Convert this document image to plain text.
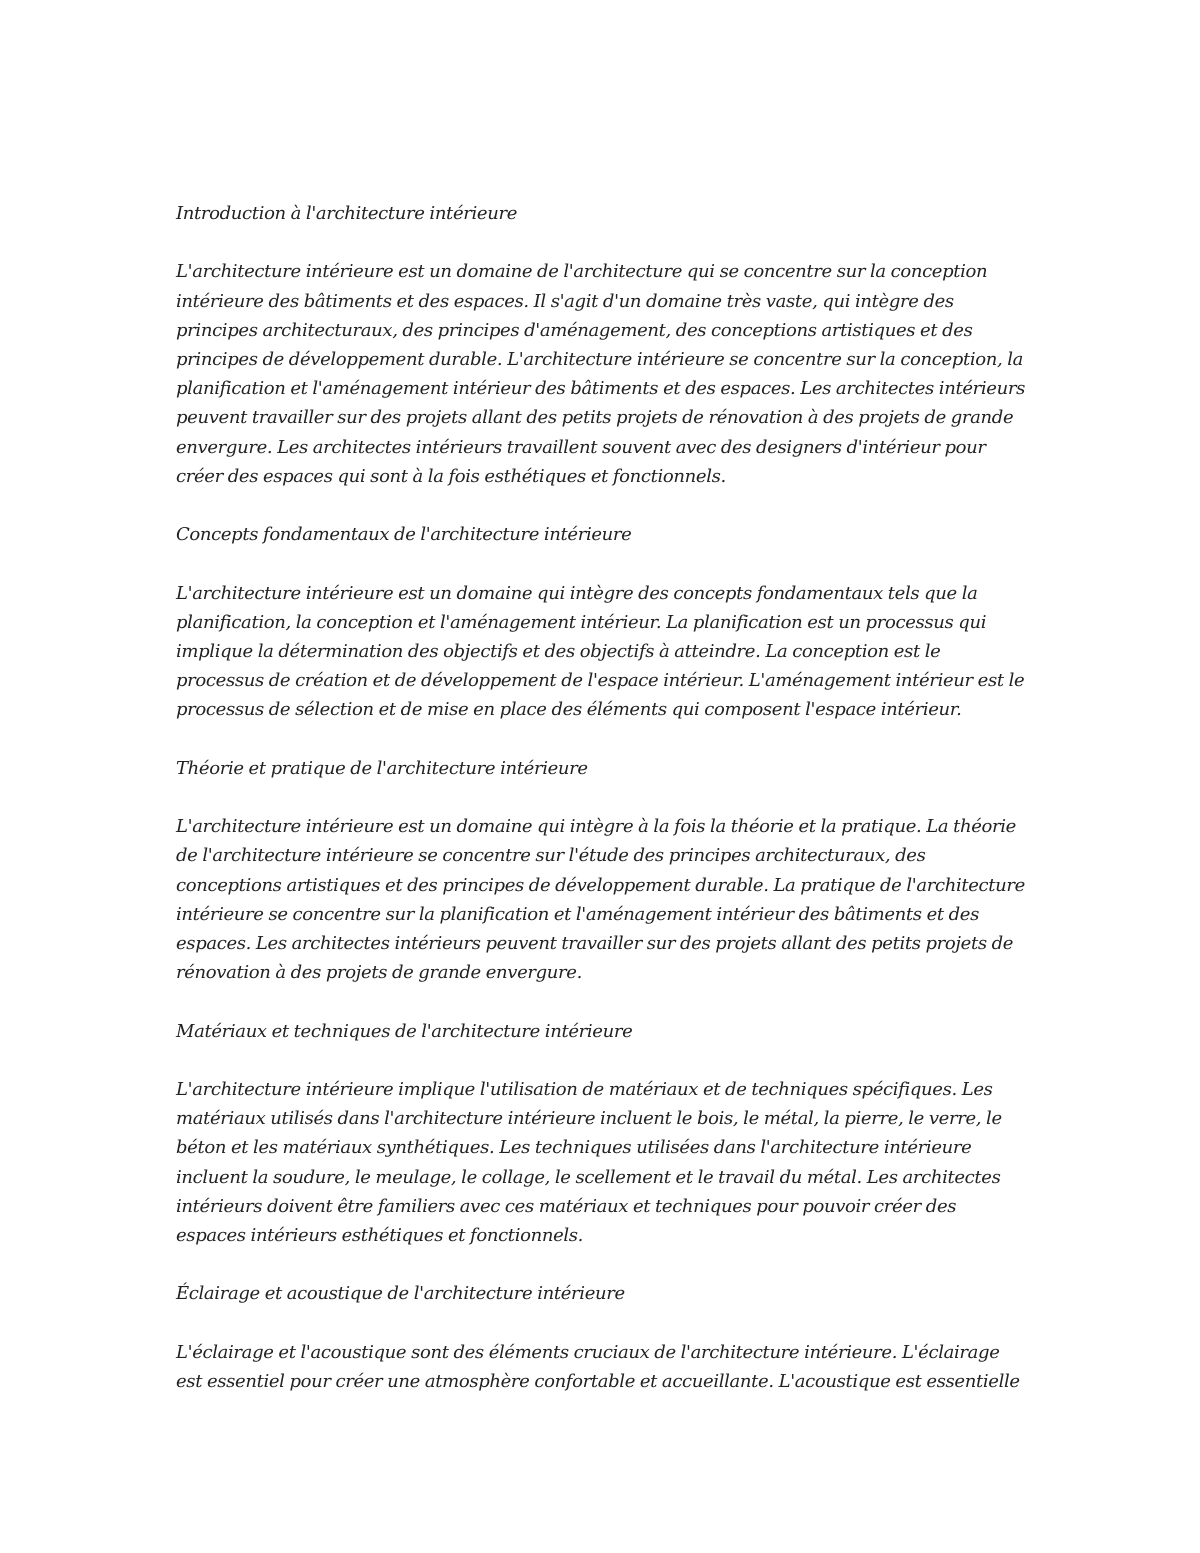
Introduction à l'architecture intérieure

L'architecture intérieure est un domaine de l'architecture qui se concentre sur la conception intérieure des bâtiments et des espaces. Il s'agit d'un domaine très vaste, qui intègre des principes architecturaux, des principes d'aménagement, des conceptions artistiques et des principes de développement durable. L'architecture intérieure se concentre sur la conception, la planification et l'aménagement intérieur des bâtiments et des espaces. Les architectes intérieurs peuvent travailler sur des projets allant des petits projets de rénovation à des projets de grande envergure. Les architectes intérieurs travaillent souvent avec des designers d'intérieur pour créer des espaces qui sont à la fois esthétiques et fonctionnels.

Concepts fondamentaux de l'architecture intérieure

L'architecture intérieure est un domaine qui intègre des concepts fondamentaux tels que la planification, la conception et l'aménagement intérieur. La planification est un processus qui implique la détermination des objectifs et des objectifs à atteindre. La conception est le processus de création et de développement de l'espace intérieur. L'aménagement intérieur est le processus de sélection et de mise en place des éléments qui composent l'espace intérieur.

Théorie et pratique de l'architecture intérieure

L'architecture intérieure est un domaine qui intègre à la fois la théorie et la pratique. La théorie de l'architecture intérieure se concentre sur l'étude des principes architecturaux, des conceptions artistiques et des principes de développement durable. La pratique de l'architecture intérieure se concentre sur la planification et l'aménagement intérieur des bâtiments et des espaces. Les architectes intérieurs peuvent travailler sur des projets allant des petits projets de rénovation à des projets de grande envergure.

Matériaux et techniques de l'architecture intérieure

L'architecture intérieure implique l'utilisation de matériaux et de techniques spécifiques. Les matériaux utilisés dans l'architecture intérieure incluent le bois, le métal, la pierre, le verre, le béton et les matériaux synthétiques. Les techniques utilisées dans l'architecture intérieure incluent la soudure, le meulage, le collage, le scellement et le travail du métal. Les architectes intérieurs doivent être familiers avec ces matériaux et techniques pour pouvoir créer des espaces intérieurs esthétiques et fonctionnels.

Éclairage et acoustique de l'architecture intérieure

L'éclairage et l'acoustique sont des éléments cruciaux de l'architecture intérieure. L'éclairage est essentiel pour créer une atmosphère confortable et accueillante. L'acoustique est essentielle
